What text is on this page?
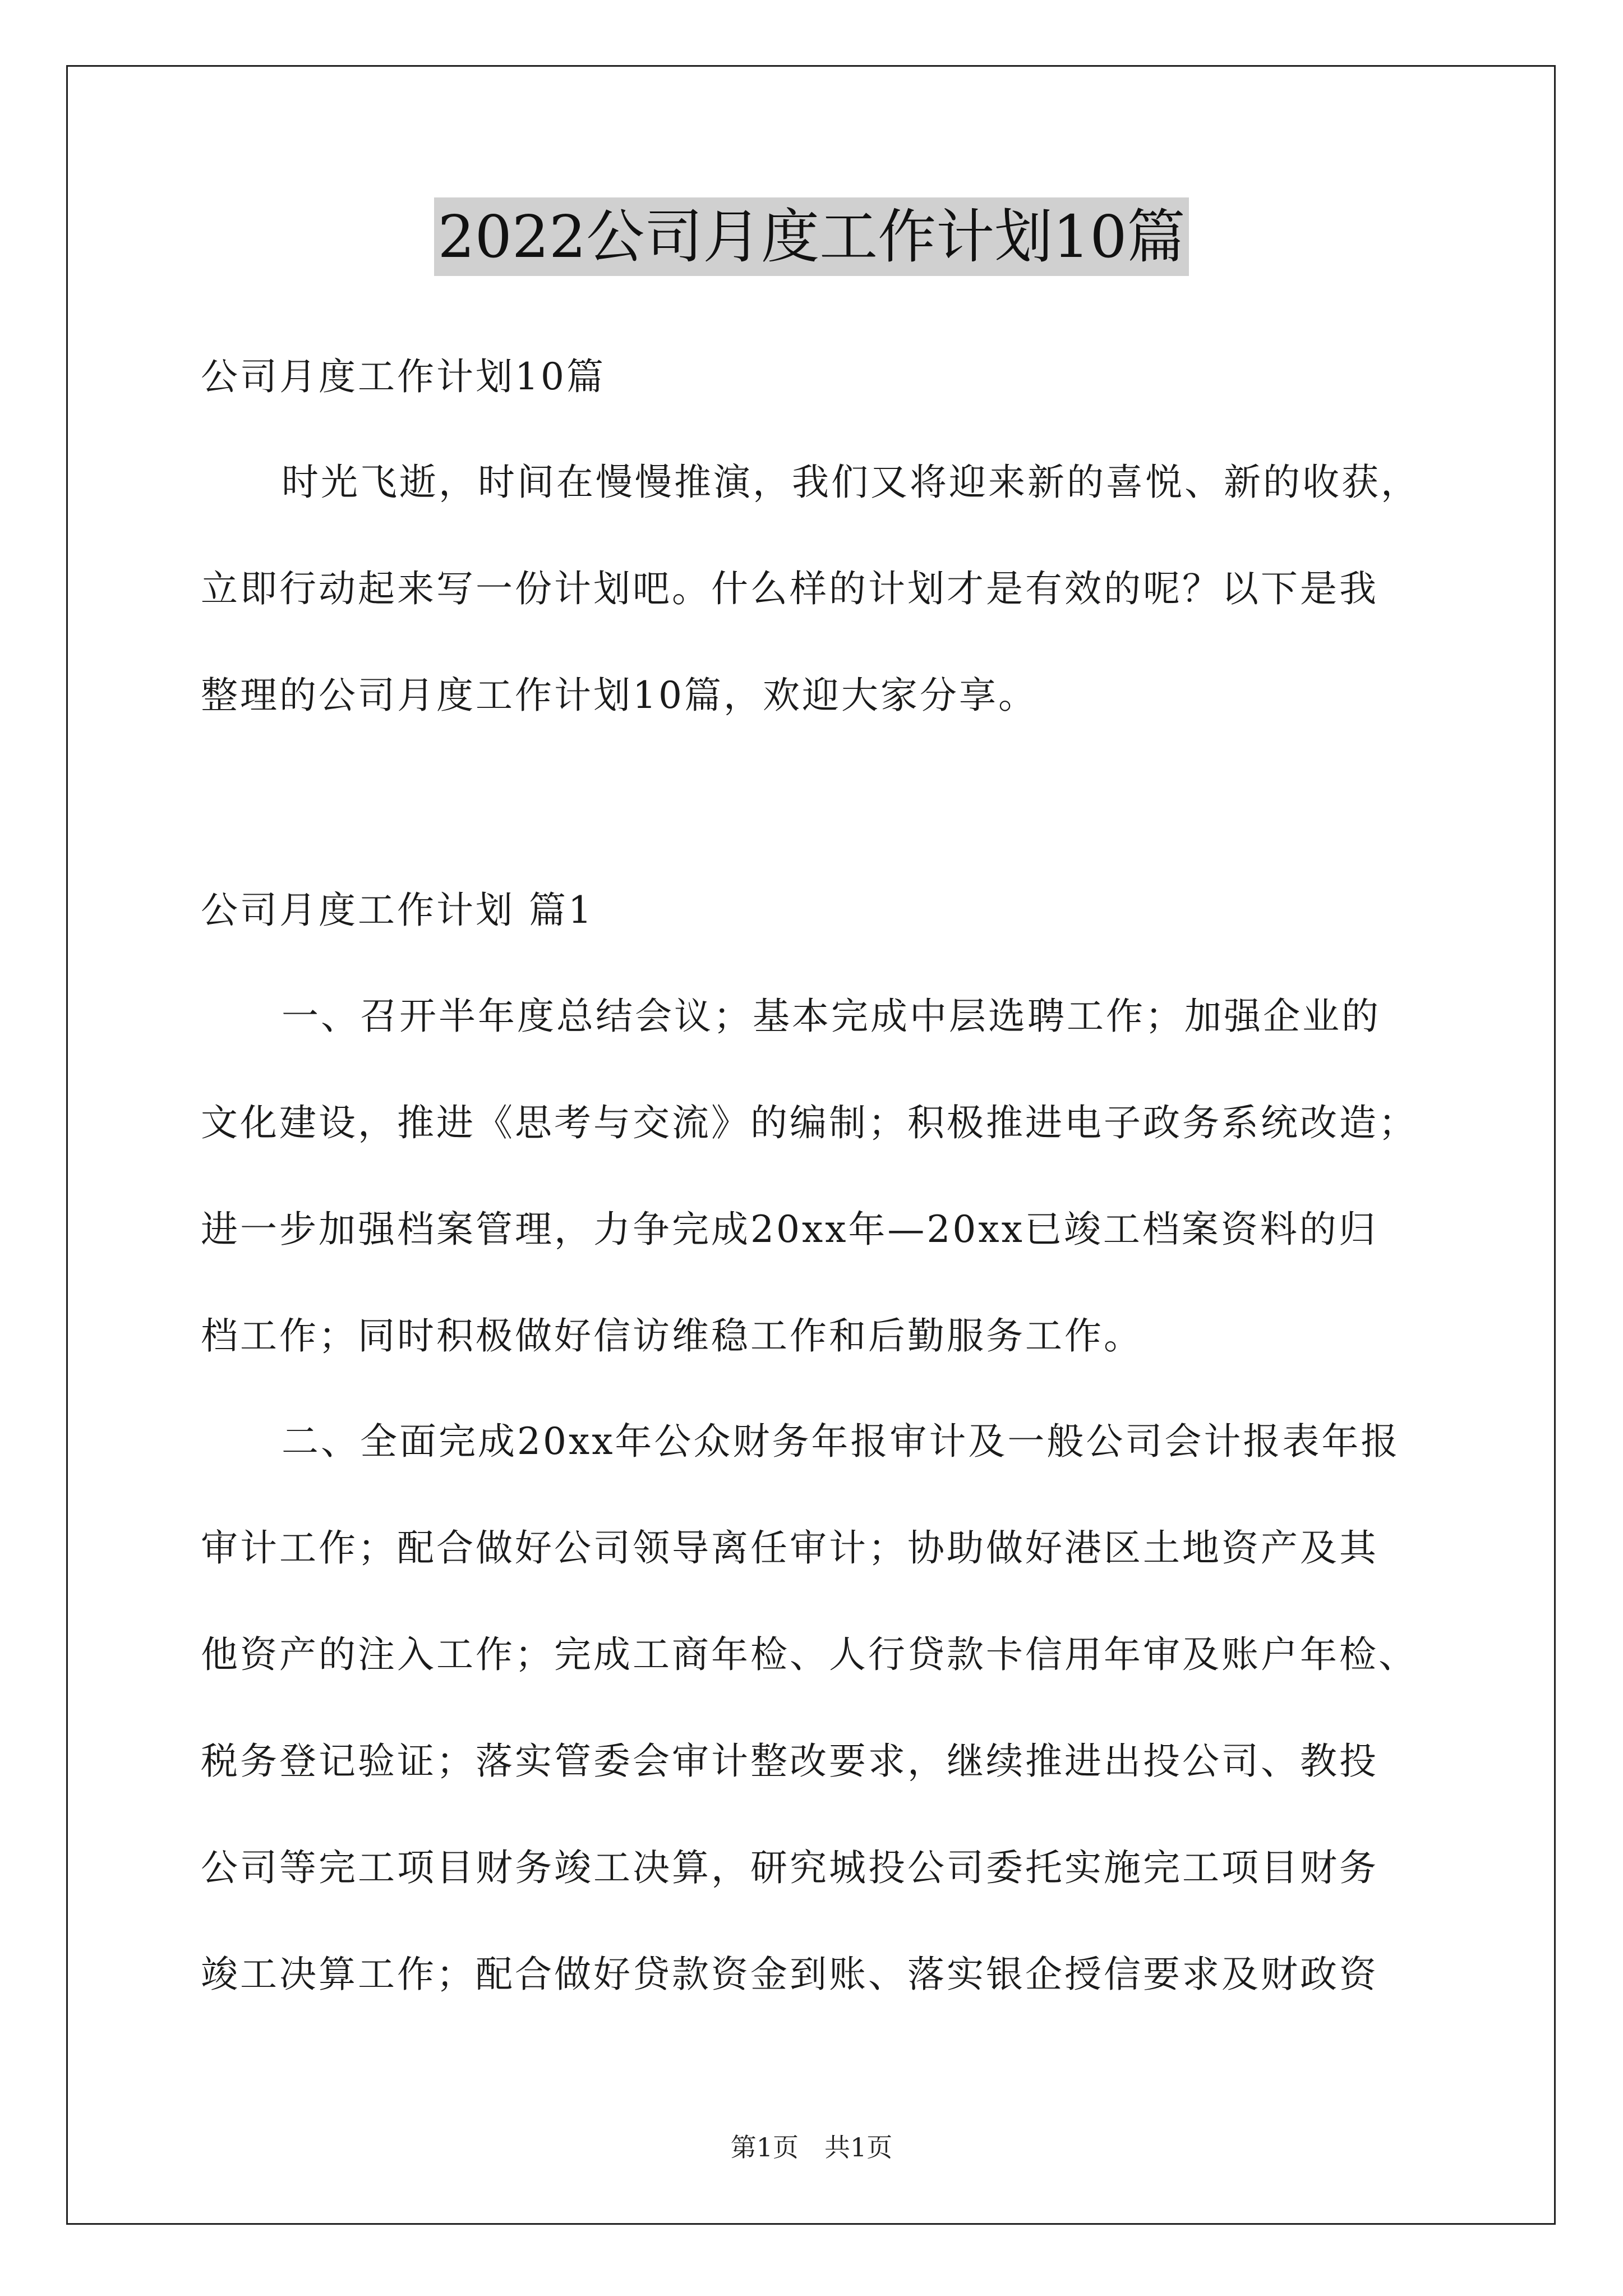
2022公司月度工作计划10篇
公司月度工作计划10篇
时光飞逝，时间在慢慢推演，我们又将迎来新的喜悦、新的收获，
立即行动起来写一份计划吧。什么样的计划才是有效的呢？以下是我
整理的公司月度工作计划10篇，欢迎大家分享。
公司月度工作计划 篇1
一、召开半年度总结会议；基本完成中层选聘工作；加强企业的
文化建设，推进《思考与交流》的编制；积极推进电子政务系统改造；
进一步加强档案管理，力争完成20xx年—20xx已竣工档案资料的归
档工作；同时积极做好信访维稳工作和后勤服务工作。
二、全面完成20xx年公众财务年报审计及一般公司会计报表年报
审计工作；配合做好公司领导离任审计；协助做好港区土地资产及其
他资产的注入工作；完成工商年检、人行贷款卡信用年审及账户年检、
税务登记验证；落实管委会审计整改要求，继续推进出投公司、教投
公司等完工项目财务竣工决算，研究城投公司委托实施完工项目财务
竣工决算工作；配合做好贷款资金到账、落实银企授信要求及财政资
第1页　共1页
